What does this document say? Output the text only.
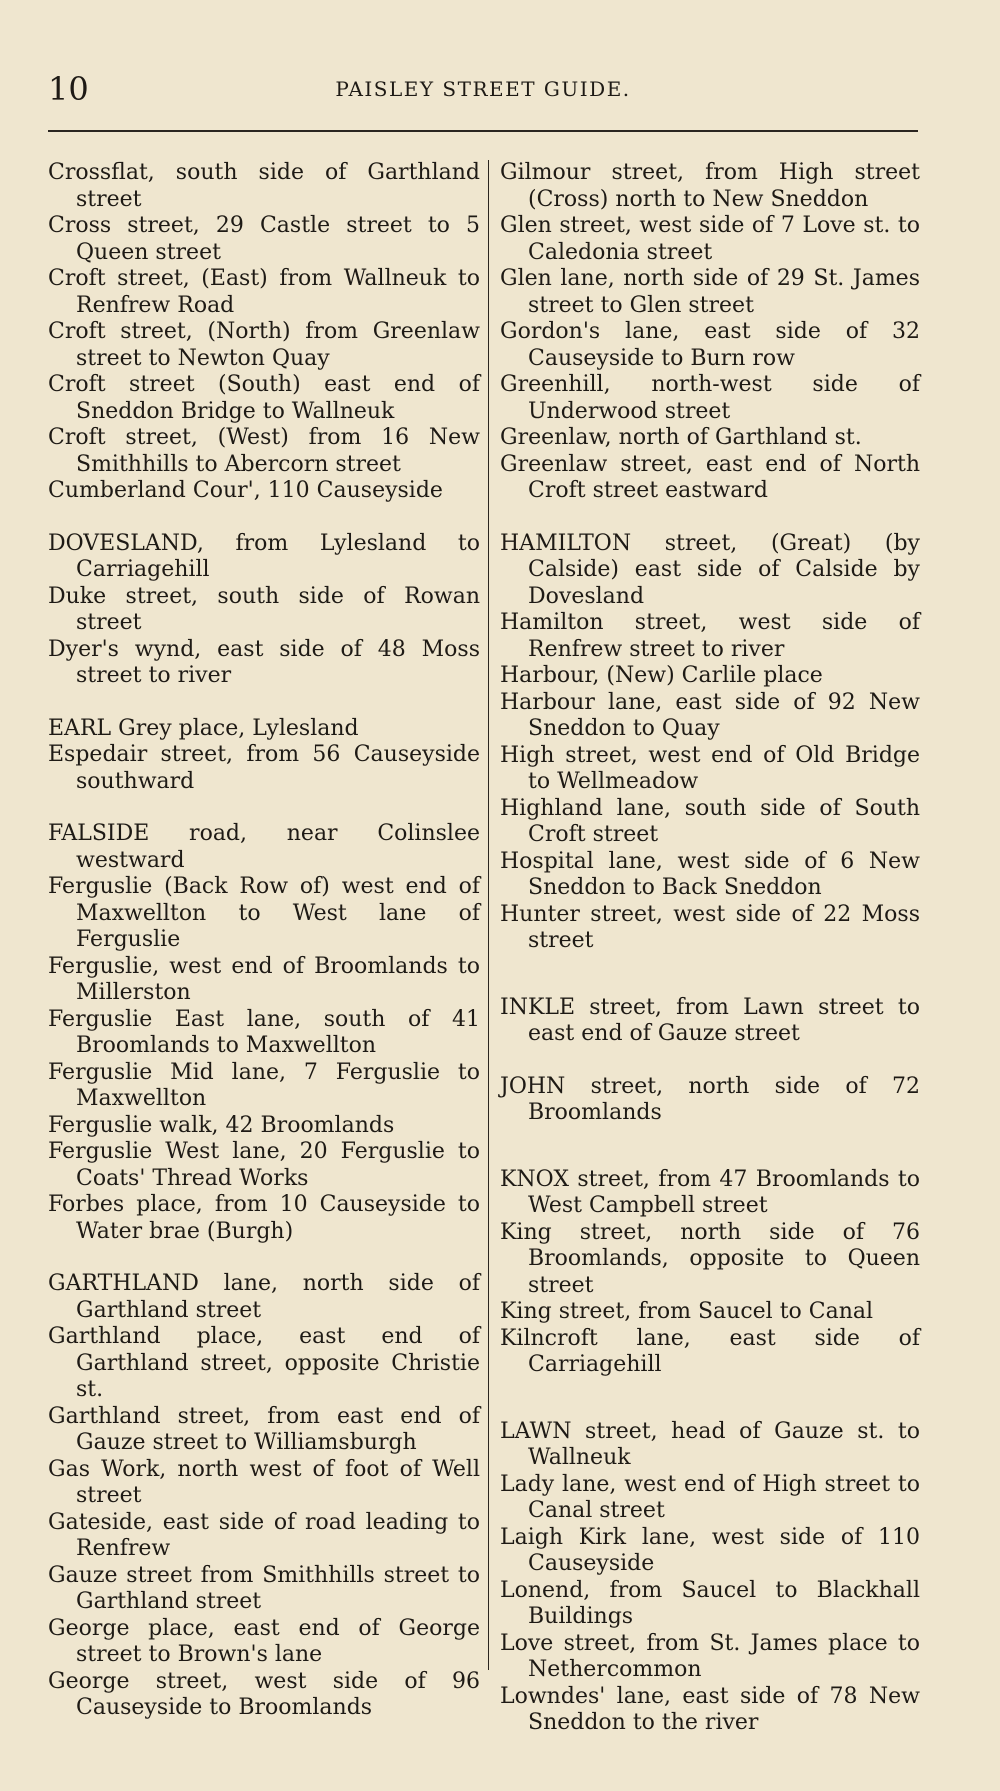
10	PAISLEY STREET GUIDE.
Crossflat, south side of Garthland street
Cross street, 29 Castle street to 5 Queen street
Croft street, (East) from Wallneuk to Renfrew Road
Croft street, (North) from Greenlaw street to Newton Quay
Croft street (South) east end of Sneddon Bridge to Wallneuk
Croft street, (West) from 16 New Smithhills to Abercorn street
Cumberland Cour', 110 Causeyside
DOVESLAND, from Lylesland to Carriagehill
Duke street, south side of Rowan street
Dyer's wynd, east side of 48 Moss street to river
EARL Grey place, Lylesland
Espedair street, from 56 Causeyside southward
FALSIDE road, near Colinslee westward
Ferguslie (Back Row of) west end of Maxwellton to West lane of Ferguslie
Ferguslie, west end of Broomlands to Millerston
Ferguslie East lane, south of 41 Broomlands to Maxwellton
Ferguslie Mid lane, 7 Ferguslie to Maxwellton
Ferguslie walk, 42 Broomlands
Ferguslie West lane, 20 Ferguslie to Coats' Thread Works
Forbes place, from 10 Causeyside to Water brae (Burgh)
GARTHLAND lane, north side of Garthland street
Garthland place, east end of Garthland street, opposite Christie st.
Garthland street, from east end of Gauze street to Williamsburgh
Gas Work, north west of foot of Well street
Gateside, east side of road leading to Renfrew
Gauze street from Smithhills street to Garthland street
George place, east end of George street to Brown's lane
George street, west side of 96 Causeyside to Broomlands
Gilmour street, from High street (Cross) north to New Sneddon
Glen street, west side of 7 Love st. to Caledonia street
Glen lane, north side of 29 St. James street to Glen street
Gordon's lane, east side of 32 Causeyside to Burn row
Greenhill, north-west side of Underwood street
Greenlaw, north of Garthland st.
Greenlaw street, east end of North Croft street eastward
HAMILTON street, (Great) (by Calside) east side of Calside by Dovesland
Hamilton street, west side of Renfrew street to river
Harbour, (New) Carlile place
Harbour lane, east side of 92 New Sneddon to Quay
High street, west end of Old Bridge to Wellmeadow
Highland lane, south side of South Croft street
Hospital lane, west side of 6 New Sneddon to Back Sneddon
Hunter street, west side of 22 Moss street
INKLE street, from Lawn street to east end of Gauze street
JOHN street, north side of 72 Broomlands
KNOX street, from 47 Broomlands to West Campbell street
King street, north side of 76 Broomlands, opposite to Queen street
King street, from Saucel to Canal
Kilncroft lane, east side of Carriagehill
LAWN street, head of Gauze st. to Wallneuk
Lady lane, west end of High street to Canal street
Laigh Kirk lane, west side of 110 Causeyside
Lonend, from Saucel to Blackhall Buildings
Love street, from St. James place to Nethercommon
Lowndes' lane, east side of 78 New Sneddon to the river
